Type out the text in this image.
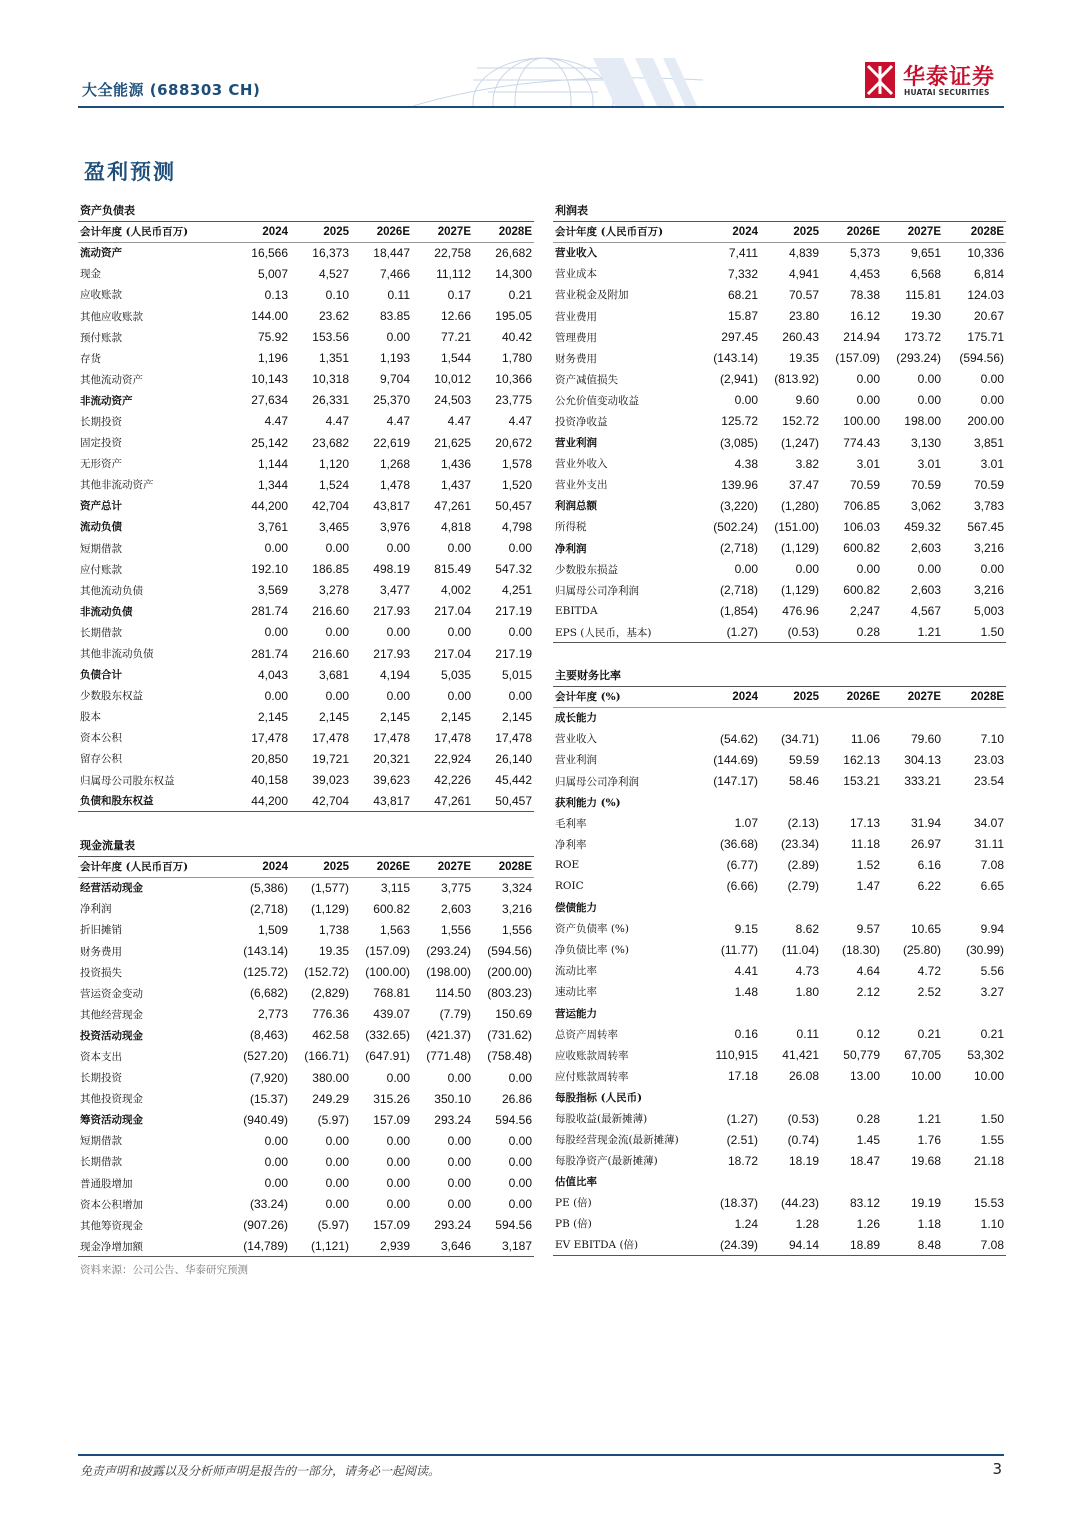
大全能源 (688303 CH)	华泰证券
HUATAI SECURITIES
盈利预测
资产负债表					
会计年度 (人民币百万)	2024	2025	2026E	2027E	2028E
流动资产	16,566	16,373	18,447	22,758	26,682
现金	5,007	4,527	7,466	11,112	14,300
应收账款	0.13	0.10	0.11	0.17	0.21
其他应收账款	144.00	23.62	83.85	12.66	195.05
预付账款	75.92	153.56	0.00	77.21	40.42
存货	1,196	1,351	1,193	1,544	1,780
其他流动资产	10,143	10,318	9,704	10,012	10,366
非流动资产	27,634	26,331	25,370	24,503	23,775
长期投资	4.47	4.47	4.47	4.47	4.47
固定投资	25,142	23,682	22,619	21,625	20,672
无形资产	1,144	1,120	1,268	1,436	1,578
其他非流动资产	1,344	1,524	1,478	1,437	1,520
资产总计	44,200	42,704	43,817	47,261	50,457
流动负债	3,761	3,465	3,976	4,818	4,798
短期借款	0.00	0.00	0.00	0.00	0.00
应付账款	192.10	186.85	498.19	815.49	547.32
其他流动负债	3,569	3,278	3,477	4,002	4,251
非流动负债	281.74	216.60	217.93	217.04	217.19
长期借款	0.00	0.00	0.00	0.00	0.00
其他非流动负债	281.74	216.60	217.93	217.04	217.19
负债合计	4,043	3,681	4,194	5,035	5,015
少数股东权益	0.00	0.00	0.00	0.00	0.00
股本	2,145	2,145	2,145	2,145	2,145
资本公积	17,478	17,478	17,478	17,478	17,478
留存公积	20,850	19,721	20,321	22,924	26,140
归属母公司股东权益	40,158	39,023	39,623	42,226	45,442
负债和股东权益	44,200	42,704	43,817	47,261	50,457
现金流量表					
会计年度 (人民币百万)	2024	2025	2026E	2027E	2028E
经营活动现金	(5,386)	(1,577)	3,115	3,775	3,324
净利润	(2,718)	(1,129)	600.82	2,603	3,216
折旧摊销	1,509	1,738	1,563	1,556	1,556
财务费用	(143.14)	19.35	(157.09)	(293.24)	(594.56)
投资损失	(125.72)	(152.72)	(100.00)	(198.00)	(200.00)
营运资金变动	(6,682)	(2,829)	768.81	114.50	(803.23)
其他经营现金	2,773	776.36	439.07	(7.79)	150.69
投资活动现金	(8,463)	462.58	(332.65)	(421.37)	(731.62)
资本支出	(527.20)	(166.71)	(647.91)	(771.48)	(758.48)
长期投资	(7,920)	380.00	0.00	0.00	0.00
其他投资现金	(15.37)	249.29	315.26	350.10	26.86
筹资活动现金	(940.49)	(5.97)	157.09	293.24	594.56
短期借款	0.00	0.00	0.00	0.00	0.00
长期借款	0.00	0.00	0.00	0.00	0.00
普通股增加	0.00	0.00	0.00	0.00	0.00
资本公积增加	(33.24)	0.00	0.00	0.00	0.00
其他筹资现金	(907.26)	(5.97)	157.09	293.24	594.56
现金净增加额	(14,789)	(1,121)	2,939	3,646	3,187
利润表					
会计年度 (人民币百万)	2024	2025	2026E	2027E	2028E
营业收入	7,411	4,839	5,373	9,651	10,336
营业成本	7,332	4,941	4,453	6,568	6,814
营业税金及附加	68.21	70.57	78.38	115.81	124.03
营业费用	15.87	23.80	16.12	19.30	20.67
管理费用	297.45	260.43	214.94	173.72	175.71
财务费用	(143.14)	19.35	(157.09)	(293.24)	(594.56)
资产减值损失	(2,941)	(813.92)	0.00	0.00	0.00
公允价值变动收益	0.00	9.60	0.00	0.00	0.00
投资净收益	125.72	152.72	100.00	198.00	200.00
营业利润	(3,085)	(1,247)	774.43	3,130	3,851
营业外收入	4.38	3.82	3.01	3.01	3.01
营业外支出	139.96	37.47	70.59	70.59	70.59
利润总额	(3,220)	(1,280)	706.85	3,062	3,783
所得税	(502.24)	(151.00)	106.03	459.32	567.45
净利润	(2,718)	(1,129)	600.82	2,603	3,216
少数股东损益	0.00	0.00	0.00	0.00	0.00
归属母公司净利润	(2,718)	(1,129)	600.82	2,603	3,216
EBITDA	(1,854)	476.96	2,247	4,567	5,003
EPS (人民币，基本)	(1.27)	(0.53)	0.28	1.21	1.50
主要财务比率					
会计年度 (%)	2024	2025	2026E	2027E	2028E
成长能力					
营业收入	(54.62)	(34.71)	11.06	79.60	7.10
营业利润	(144.69)	59.59	162.13	304.13	23.03
归属母公司净利润	(147.17)	58.46	153.21	333.21	23.54
获利能力 (%)					
毛利率	1.07	(2.13)	17.13	31.94	34.07
净利率	(36.68)	(23.34)	11.18	26.97	31.11
ROE	(6.77)	(2.89)	1.52	6.16	7.08
ROIC	(6.66)	(2.79)	1.47	6.22	6.65
偿债能力					
资产负债率 (%)	9.15	8.62	9.57	10.65	9.94
净负债比率 (%)	(11.77)	(11.04)	(18.30)	(25.80)	(30.99)
流动比率	4.41	4.73	4.64	4.72	5.56
速动比率	1.48	1.80	2.12	2.52	3.27
营运能力					
总资产周转率	0.16	0.11	0.12	0.21	0.21
应收账款周转率	110,915	41,421	50,779	67,705	53,302
应付账款周转率	17.18	26.08	13.00	10.00	10.00
每股指标 (人民币)					
每股收益(最新摊薄)	(1.27)	(0.53)	0.28	1.21	1.50
每股经营现金流(最新摊薄)	(2.51)	(0.74)	1.45	1.76	1.55
每股净资产(最新摊薄)	18.72	18.19	18.47	19.68	21.18
估值比率					
PE (倍)	(18.37)	(44.23)	83.12	19.19	15.53
PB (倍)	1.24	1.28	1.26	1.18	1.10
EV EBITDA (倍)	(24.39)	94.14	18.89	8.48	7.08
资料来源：公司公告、华泰研究预测
免责声明和披露以及分析师声明是报告的一部分，请务必一起阅读。	3
